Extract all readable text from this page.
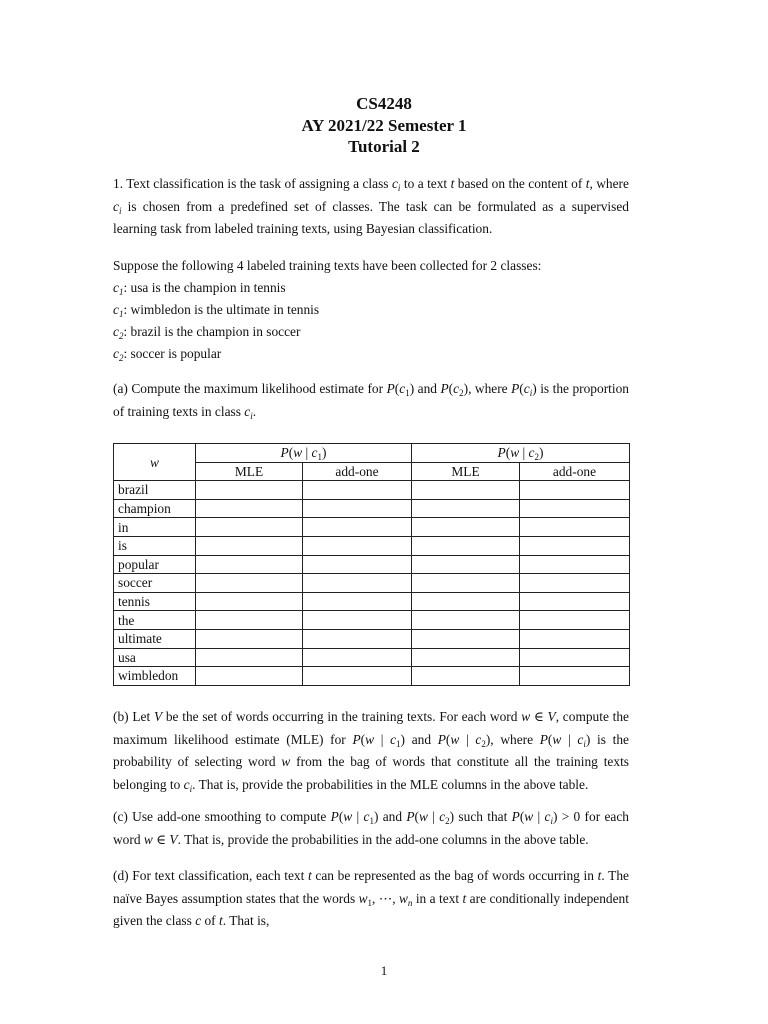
CS4248
AY 2021/22 Semester 1
Tutorial 2
1. Text classification is the task of assigning a class $c_i$ to a text t based on the content of t, where $c_i$ is chosen from a predefined set of classes. The task can be formulated as a supervised learning task from labeled training texts, using Bayesian classification.
Suppose the following 4 labeled training texts have been collected for 2 classes:
$c_1$: usa is the champion in tennis
$c_1$: wimbledon is the ultimate in tennis
$c_2$: brazil is the champion in soccer
$c_2$: soccer is popular
(a) Compute the maximum likelihood estimate for $P(c_1)$ and $P(c_2)$, where $P(c_i)$ is the proportion of training texts in class $c_i$.
w	P(w | $c_1$)		P(w | $c_2$)	
	MLE	add-one	MLE	add-one
brazil				
champion				
in				
is				
popular				
soccer				
tennis				
the				
ultimate				
usa				
wimbledon				
(b) Let V be the set of words occurring in the training texts. For each word w ∈ V, compute the maximum likelihood estimate (MLE) for P(w | $c_1$) and P(w | $c_2$), where P(w | $c_i$) is the probability of selecting word w from the bag of words that constitute all the training texts belonging to $c_i$. That is, provide the probabilities in the MLE columns in the above table.
(c) Use add-one smoothing to compute P(w | $c_1$) and P(w | $c_2$) such that P(w | $c_i) > 0$ for each word w ∈ V. That is, provide the probabilities in the add-one columns in the above table.
(d) For text classification, each text t can be represented as the bag of words occurring in t. The naïve Bayes assumption states that the words $w_1$, ⋯, $w_n$ in a text t are conditionally independent given the class c of t. That is,
1
